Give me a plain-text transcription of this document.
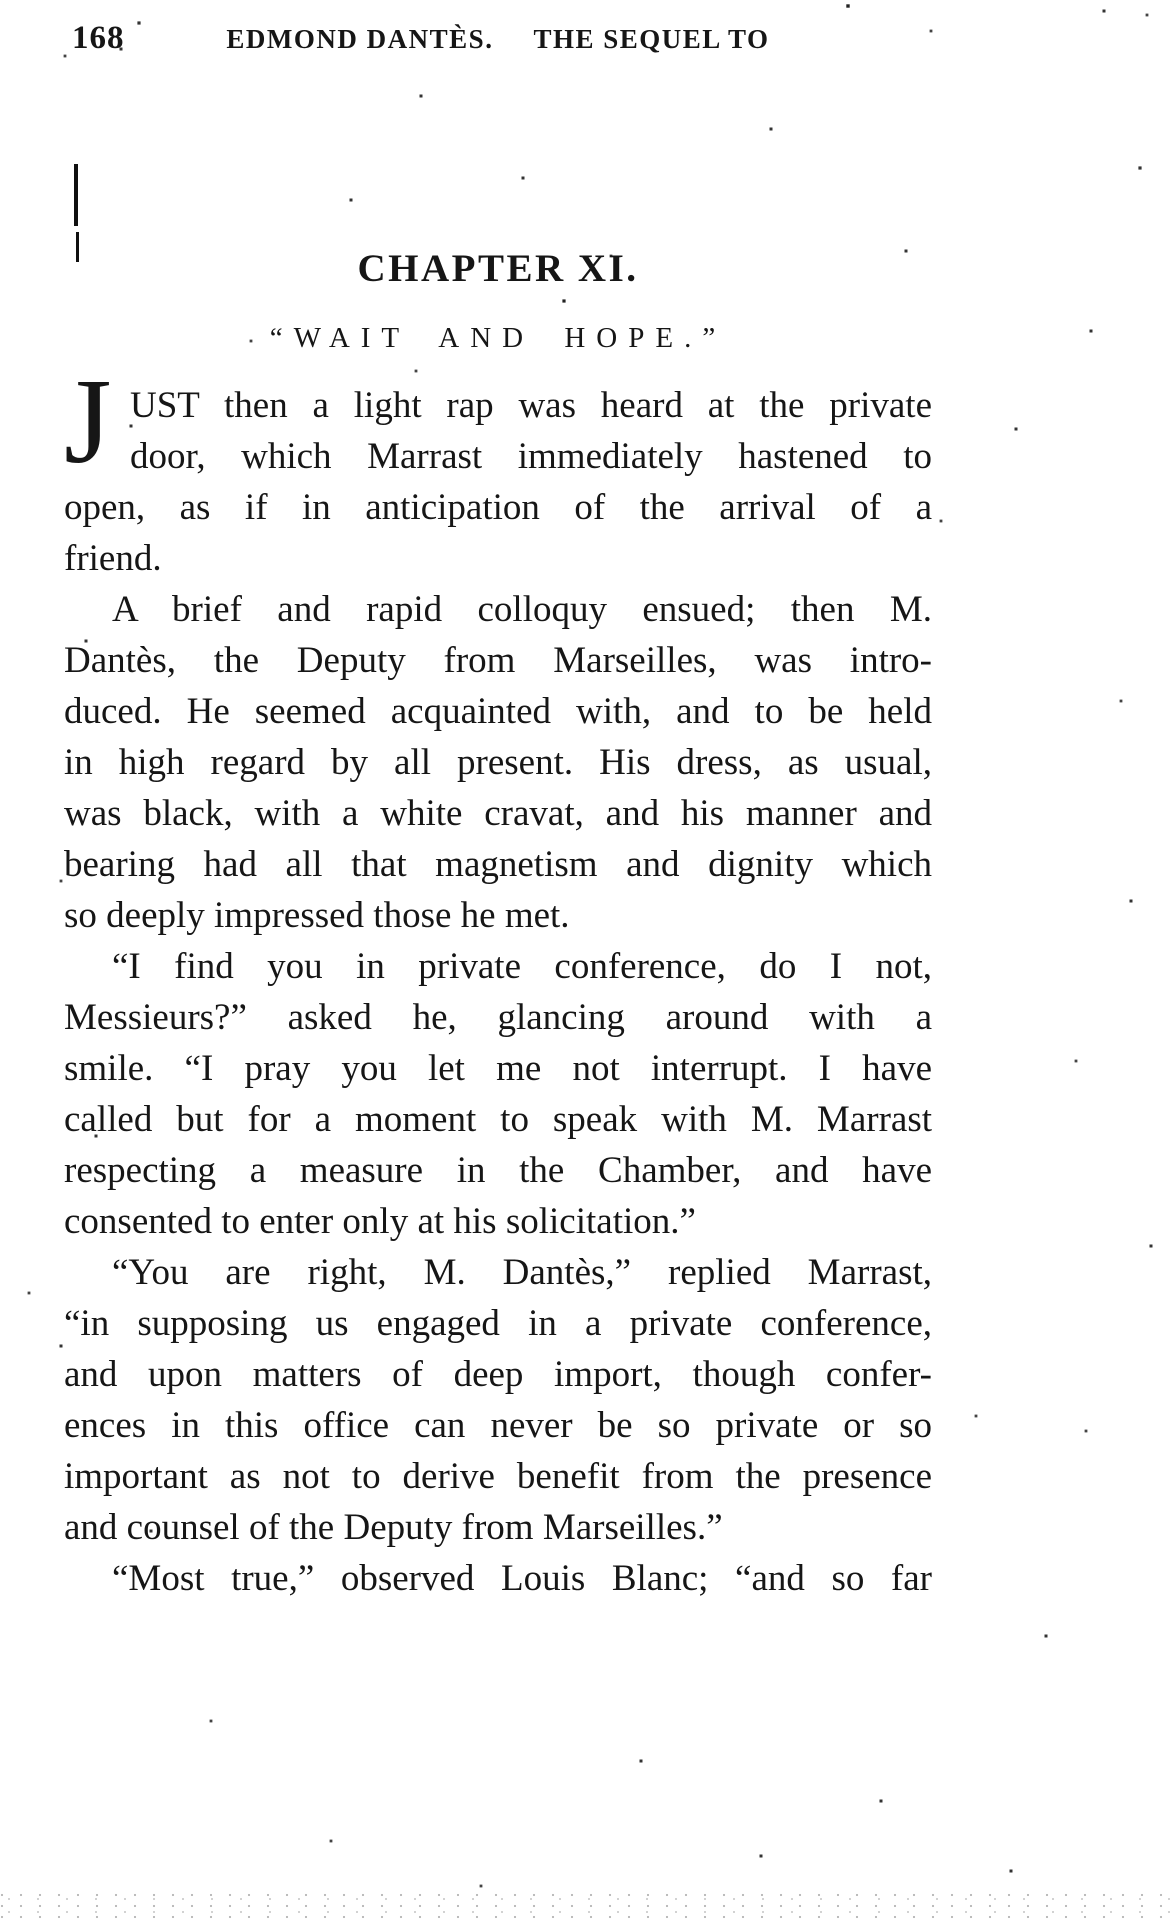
168	EDMOND DANTÈS. THE SEQUEL TO
CHAPTER XI.
“WAIT AND HOPE.”
J UST then a light rap was heard at the private
door, which Marrast immediately hastened to
open, as if in anticipation of the arrival of a
friend.
A brief and rapid colloquy ensued; then M.
Dantès, the Deputy from Marseilles, was intro-
duced. He seemed acquainted with, and to be held
in high regard by all present. His dress, as usual,
was black, with a white cravat, and his manner and
bearing had all that magnetism and dignity which
so deeply impressed those he met.
“I find you in private conference, do I not,
Messieurs?” asked he, glancing around with a
smile. “I pray you let me not interrupt. I have
called but for a moment to speak with M. Marrast
respecting a measure in the Chamber, and have
consented to enter only at his solicitation.”
“You are right, M. Dantès,” replied Marrast,
“in supposing us engaged in a private conference,
and upon matters of deep import, though confer-
ences in this office can never be so private or so
important as not to derive benefit from the presence
and counsel of the Deputy from Marseilles.”
“Most true,” observed Louis Blanc; “and so far
